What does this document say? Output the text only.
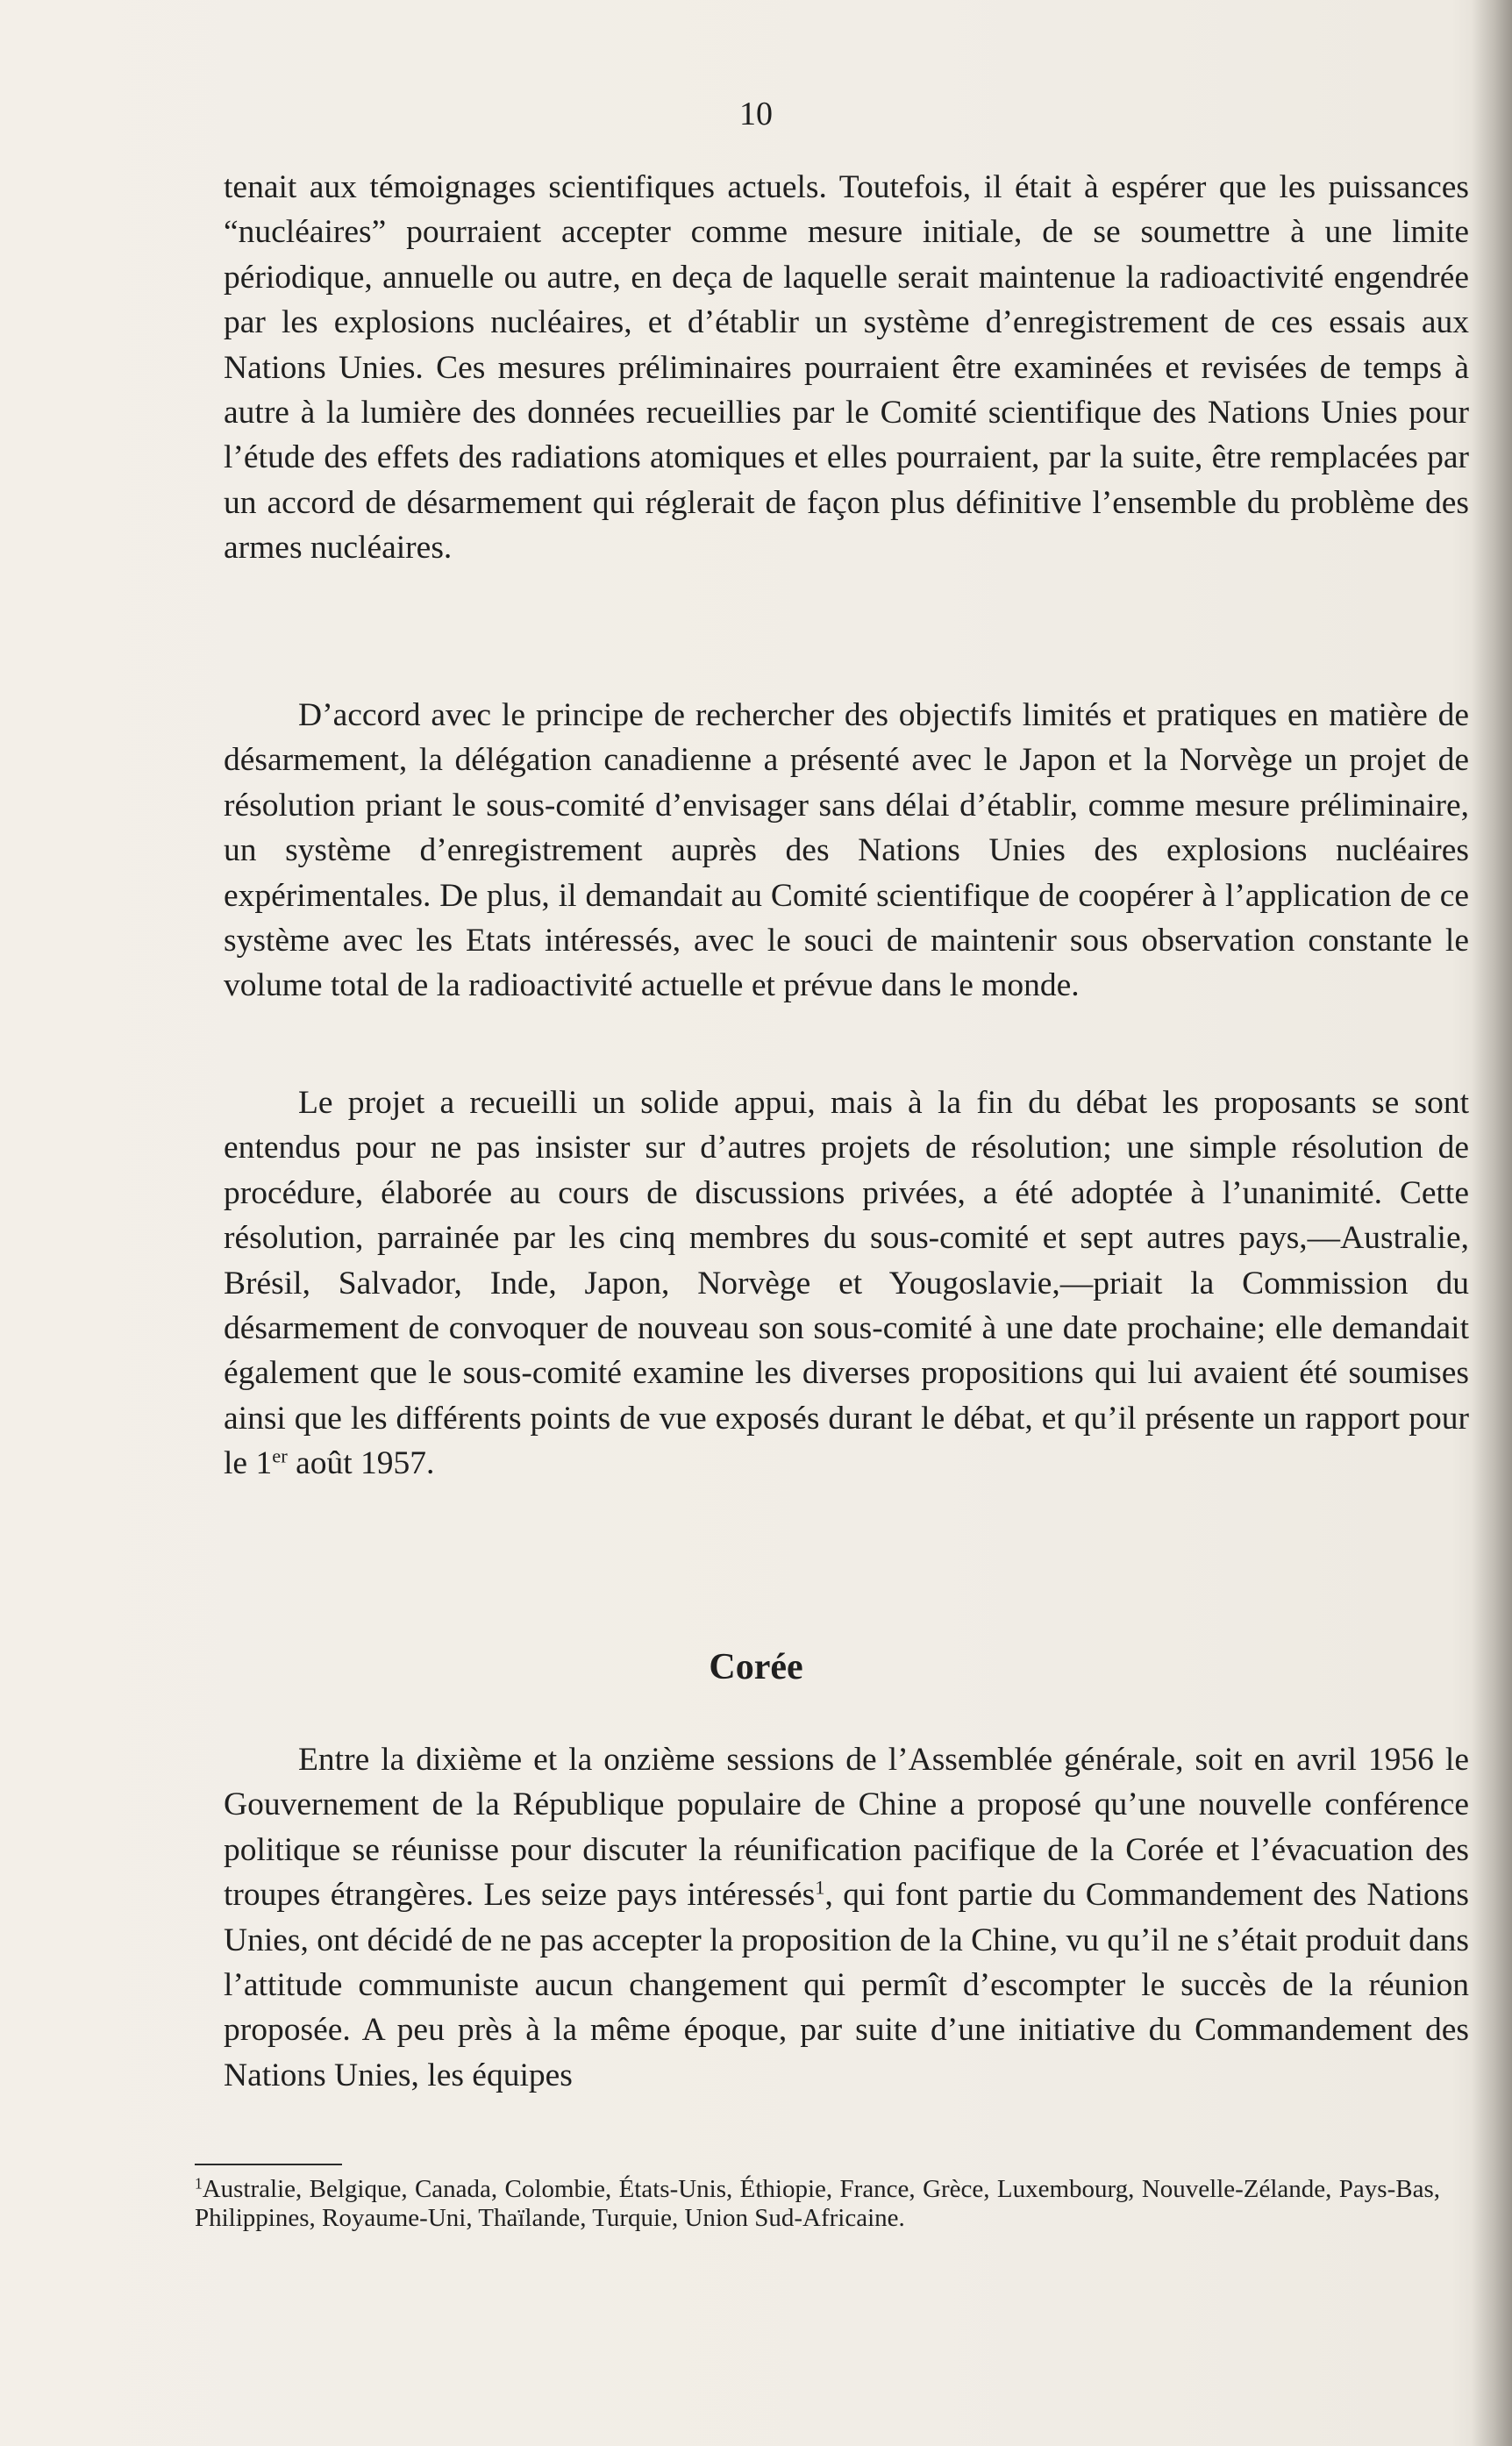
10

tenait aux témoignages scientifiques actuels. Toutefois, il était à espérer que les puissances “nucléaires” pourraient accepter comme mesure initiale, de se soumettre à une limite périodique, annuelle ou autre, en deça de laquelle serait maintenue la radioactivité engendrée par les explosions nucléaires, et d’établir un système d’enregistrement de ces essais aux Nations Unies. Ces mesures préliminaires pourraient être examinées et revisées de temps à autre à la lumière des données recueillies par le Comité scientifique des Nations Unies pour l’étude des effets des radiations atomiques et elles pourraient, par la suite, être remplacées par un accord de désarmement qui réglerait de façon plus définitive l’ensemble du problème des armes nucléaires.

D’accord avec le principe de rechercher des objectifs limités et pratiques en matière de désarmement, la délégation canadienne a présenté avec le Japon et la Norvège un projet de résolution priant le sous-comité d’envisager sans délai d’établir, comme mesure préliminaire, un système d’enregistrement auprès des Nations Unies des explosions nucléaires expérimentales. De plus, il demandait au Comité scientifique de coopérer à l’application de ce système avec les Etats intéressés, avec le souci de maintenir sous observation constante le volume total de la radioactivité actuelle et prévue dans le monde.

Le projet a recueilli un solide appui, mais à la fin du débat les proposants se sont entendus pour ne pas insister sur d’autres projets de résolution; une simple résolution de procédure, élaborée au cours de discussions privées, a été adoptée à l’unanimité. Cette résolution, parrainée par les cinq membres du sous-comité et sept autres pays,—Australie, Brésil, Salvador, Inde, Japon, Norvège et Yougoslavie,—priait la Commission du désarmement de convoquer de nouveau son sous-comité à une date prochaine; elle demandait également que le sous-comité examine les diverses propositions qui lui avaient été soumises ainsi que les différents points de vue exposés durant le débat, et qu’il présente un rapport pour le 1er août 1957.

Corée

Entre la dixième et la onzième sessions de l’Assemblée générale, soit en avril 1956 le Gouvernement de la République populaire de Chine a proposé qu’une nouvelle conférence politique se réunisse pour discuter la réunification pacifique de la Corée et l’évacuation des troupes étrangères. Les seize pays intéressés$^1$, qui font partie du Commandement des Nations Unies, ont décidé de ne pas accepter la proposition de la Chine, vu qu’il ne s’était produit dans l’attitude communiste aucun changement qui permît d’escompter le succès de la réunion proposée. A peu près à la même époque, par suite d’une initiative du Commandement des Nations Unies, les équipes

$^1$Australie, Belgique, Canada, Colombie, États-Unis, Éthiopie, France, Grèce, Luxembourg, Nouvelle-Zélande, Pays-Bas, Philippines, Royaume-Uni, Thaïlande, Turquie, Union Sud-Africaine.
